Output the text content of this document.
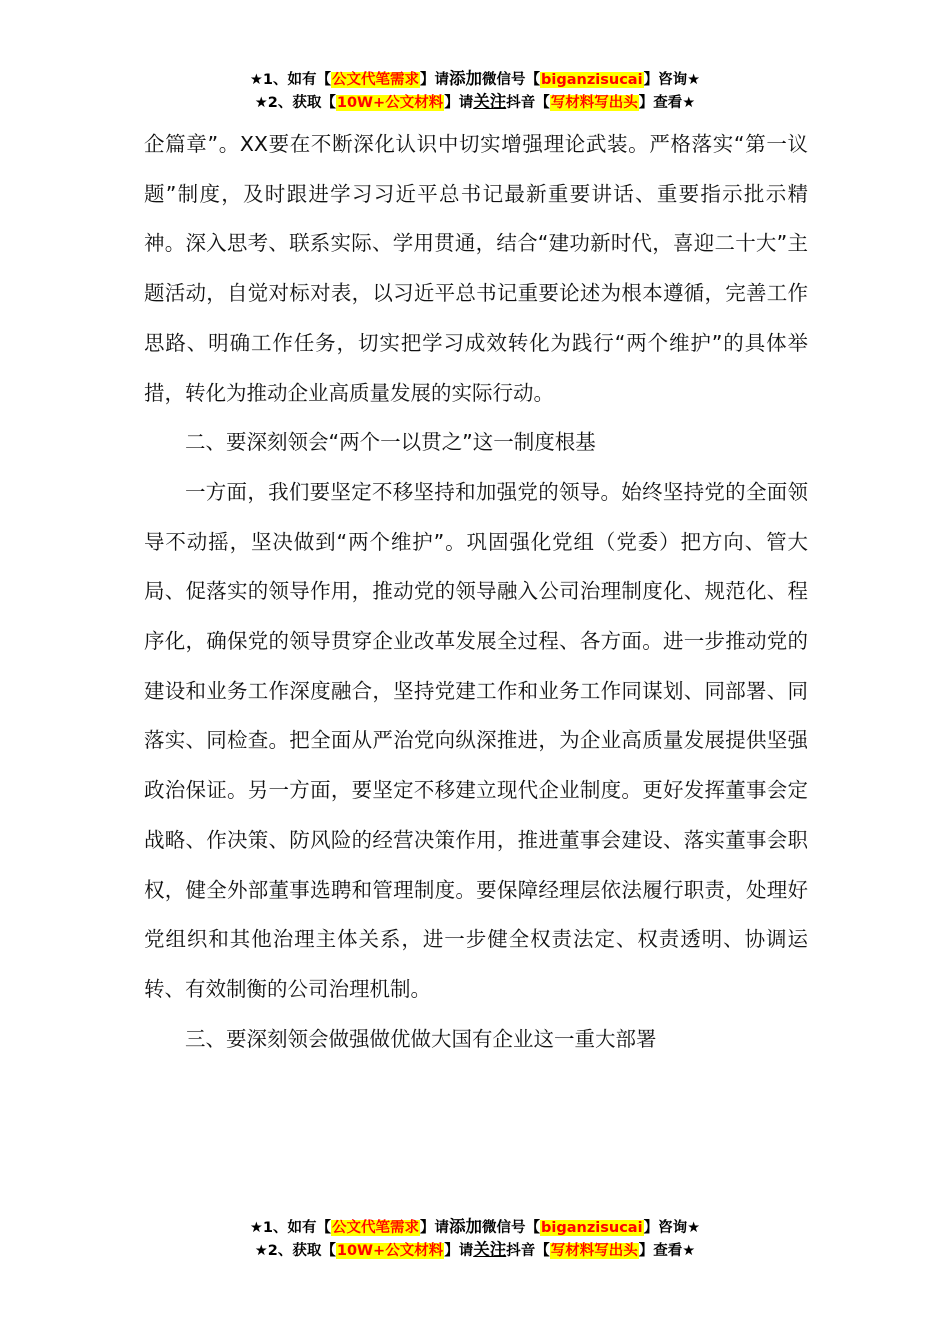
★1、如有【公文代笔需求】请添加微信号【biganzisucai】咨询★
★2、获取【10W+公文材料】请关注抖音【写材料写出头】查看★

企篇章”。XX要在不断深化认识中切实增强理论武装。严格落实“第一议题”制度，及时跟进学习习近平总书记最新重要讲话、重要指示批示精神。深入思考、联系实际、学用贯通，结合“建功新时代，喜迎二十大”主题活动，自觉对标对表，以习近平总书记重要论述为根本遵循，完善工作思路、明确工作任务，切实把学习成效转化为践行“两个维护”的具体举措，转化为推动企业高质量发展的实际行动。

二、要深刻领会“两个一以贯之”这一制度根基

一方面，我们要坚定不移坚持和加强党的领导。始终坚持党的全面领导不动摇，坚决做到“两个维护”。巩固强化党组（党委）把方向、管大局、促落实的领导作用，推动党的领导融入公司治理制度化、规范化、程序化，确保党的领导贯穿企业改革发展全过程、各方面。进一步推动党的建设和业务工作深度融合，坚持党建工作和业务工作同谋划、同部署、同落实、同检查。把全面从严治党向纵深推进，为企业高质量发展提供坚强政治保证。另一方面，要坚定不移建立现代企业制度。更好发挥董事会定战略、作决策、防风险的经营决策作用，推进董事会建设、落实董事会职权，健全外部董事选聘和管理制度。要保障经理层依法履行职责，处理好党组织和其他治理主体关系，进一步健全权责法定、权责透明、协调运转、有效制衡的公司治理机制。

三、要深刻领会做强做优做大国有企业这一重大部署

★1、如有【公文代笔需求】请添加微信号【biganzisucai】咨询★
★2、获取【10W+公文材料】请关注抖音【写材料写出头】查看★
